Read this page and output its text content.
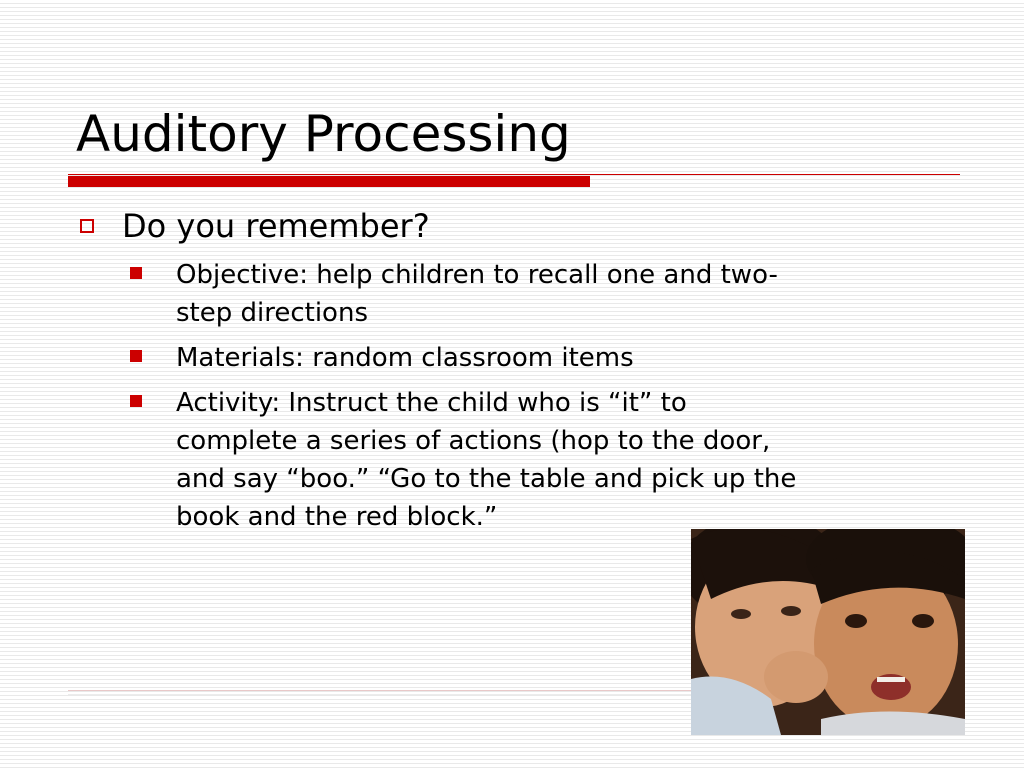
Auditory Processing
Do you remember?
Objective: help children to recall one and two-step directions
Materials: random classroom items
Activity: Instruct the child who is “it” to complete a series of actions (hop to the door, and say “boo.” “Go to the table and pick up the book and the red block.”
